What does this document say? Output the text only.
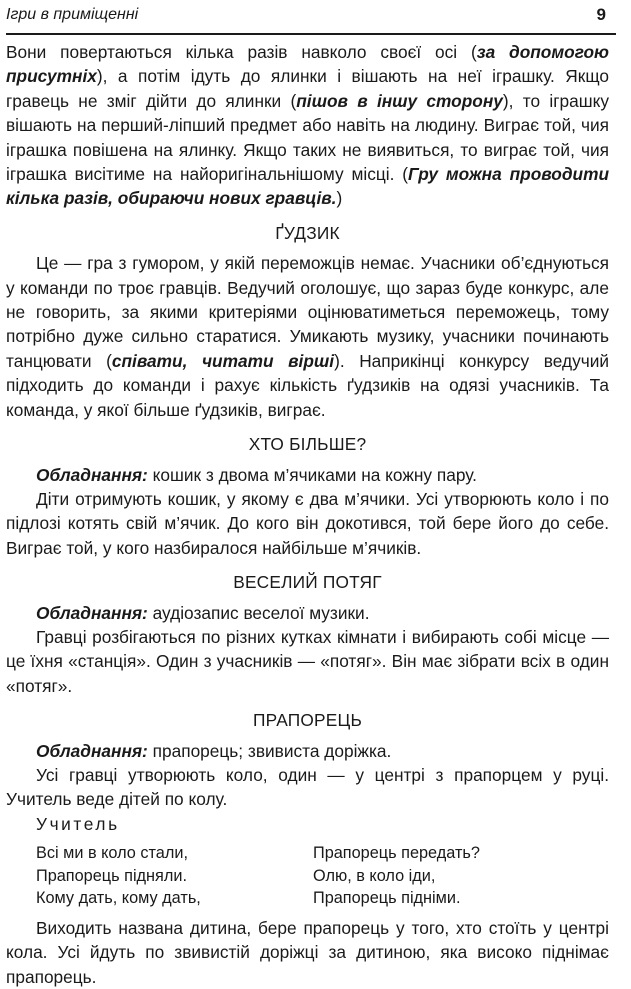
Ігри в приміщенні	9

Вони повертаються кілька разів навколо своєї осі (за допомогою присутніх), а потім ідуть до ялинки і вішають на неї іграшку. Якщо гравець не зміг дійти до ялинки (пішов в іншу сторону), то іграшку вішають на перший-ліпший предмет або навіть на людину. Виграє той, чия іграшка повішена на ялинку. Якщо таких не виявиться, то виграє той, чия іграшка висітиме на найоригінальнішому місці. (Гру можна проводити кілька разів, обираючи нових гравців.)

ҐУДЗИК

Це — гра з гумором, у якій переможців немає. Учасники об’єднуються у команди по троє гравців. Ведучий оголошує, що зараз буде конкурс, але не говорить, за якими критеріями оцінюватиметься переможець, тому потрібно дуже сильно старатися. Умикають музику, учасники починають танцювати (співати, читати вірші). Наприкінці конкурсу ведучий підходить до команди і рахує кількість ґудзиків на одязі учасників. Та команда, у якої більше ґудзиків, виграє.

ХТО БІЛЬШЕ?

Обладнання: кошик з двома м’ячиками на кожну пару.

Діти отримують кошик, у якому є два м’ячики. Усі утворюють коло і по підлозі котять свій м’ячик. До кого він докотився, той бере його до себе. Виграє той, у кого назбиралося найбільше м’ячиків.

ВЕСЕЛИЙ ПОТЯГ

Обладнання: аудіозапис веселої музики.

Гравці розбігаються по різних кутках кімнати і вибирають собі місце — це їхня «станція». Один з учасників — «потяг». Він має зібрати всіх в один «потяг».

ПРАПОРЕЦЬ

Обладнання: прапорець; звивиста доріжка.

Усі гравці утворюють коло, один — у центрі з прапорцем у руці. Учитель веде дітей по колу.

Учитель

Всі ми в коло стали,
Прапорець підняли.
Кому дать, кому дать,
Прапорець передать?
Олю, в коло іди,
Прапорець підніми.

Виходить названа дитина, бере прапорець у того, хто стоїть у центрі кола. Усі йдуть по звивистій доріжці за дитиною, яка високо піднімає прапорець.
